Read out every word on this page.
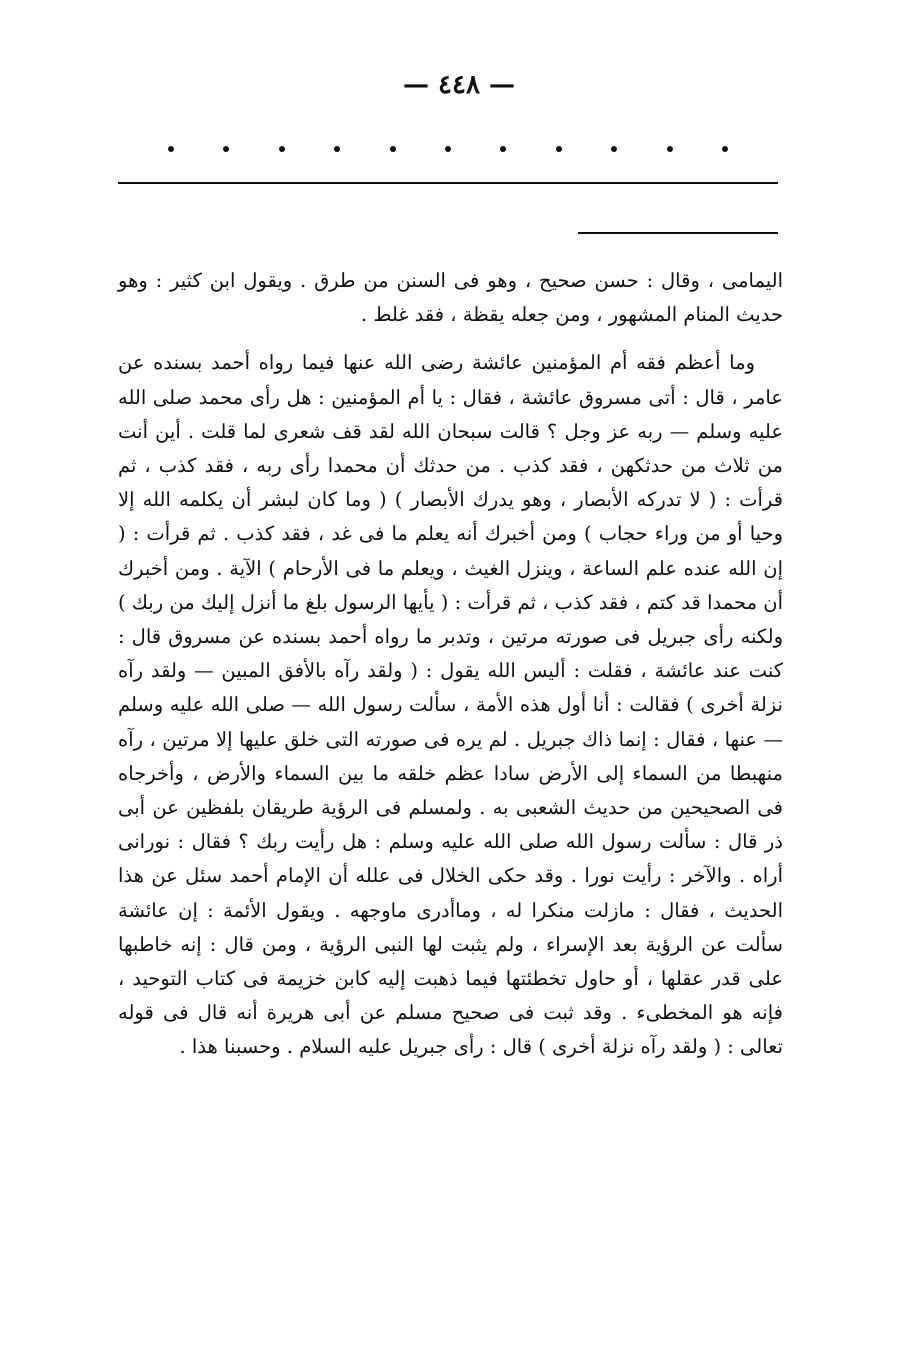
— ٤٤٨ —

اليمامى ، وقال : حسن صحيح ، وهو فى السنن من طرق . ويقول ابن كثير : وهو حديث المنام المشهور ، ومن جعله يقظة ، فقد غلط .

وما أعظم فقه أم المؤمنين عائشة رضى الله عنها فيما رواه أحمد بسنده عن عامر ، قال : أتى مسروق عائشة ، فقال : يا أم المؤمنين : هل رأى محمد صلى الله عليه وسلم — ربه عز وجل ؟ قالت سبحان الله لقد قف شعرى لما قلت . أين أنت من ثلاث من حدثكهن ، فقد كذب . من حدثك أن محمدا رأى ربه ، فقد كذب ، ثم قرأت : ( لا تدركه الأبصار ، وهو يدرك الأبصار ) ( وما كان لبشر أن يكلمه الله إلا وحيا أو من وراء حجاب ) ومن أخبرك أنه يعلم ما فى غد ، فقد كذب . ثم قرأت : ( إن الله عنده علم الساعة ، وينزل الغيث ، ويعلم ما فى الأرحام ) الآية . ومن أخبرك أن محمدا قد كتم ، فقد كذب ، ثم قرأت : ( يأيها الرسول بلغ ما أنزل إليك من ربك ) ولكنه رأى جبريل فى صورته مرتين ، وتدبر ما رواه أحمد بسنده عن مسروق قال : كنت عند عائشة ، فقلت : أليس الله يقول : ( ولقد رآه بالأفق المبين — ولقد رآه نزلة أخرى ) فقالت : أنا أول هذه الأمة ، سألت رسول الله — صلى الله عليه وسلم — عنها ، فقال : إنما ذاك جبريل . لم يره فى صورته التى خلق عليها إلا مرتين ، رآه منهبطا من السماء إلى الأرض سادا عظم خلقه ما بين السماء والأرض ، وأخرجاه فى الصحيحين من حديث الشعبى به . ولمسلم فى الرؤية طريقان بلفظين عن أبى ذر قال : سألت رسول الله صلى الله عليه وسلم : هل رأيت ربك ؟ فقال : نورانى أراه . والآخر : رأيت نورا . وقد حكى الخلال فى علله أن الإمام أحمد سئل عن هذا الحديث ، فقال : مازلت منكرا له ، وماأدرى ماوجهه . ويقول الأئمة : إن عائشة سألت عن الرؤية بعد الإسراء ، ولم يثبت لها النبى الرؤية ، ومن قال : إنه خاطبها على قدر عقلها ، أو حاول تخطئتها فيما ذهبت إليه كابن خزيمة فى كتاب التوحيد ، فإنه هو المخطىء . وقد ثبت فى صحيح مسلم عن أبى هريرة أنه قال فى قوله تعالى : ( ولقد رآه نزلة أخرى ) قال : رأى جبريل عليه السلام . وحسبنا هذا .
